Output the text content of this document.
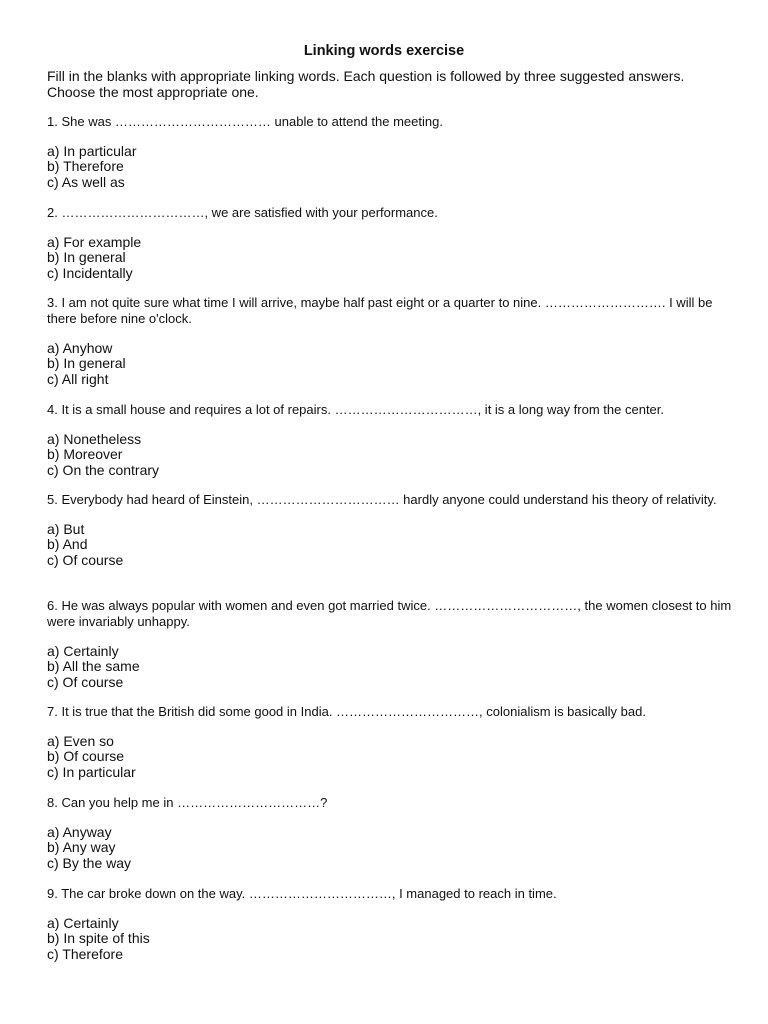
Linking words exercise
Fill in the blanks with appropriate linking words. Each question is followed by three suggested answers. Choose the most appropriate one.

1. She was ……………………………… unable to attend the meeting.

a) In particular
b) Therefore
c) As well as

2. ……………………………, we are satisfied with your performance.

a) For example
b) In general
c) Incidentally

3. I am not quite sure what time I will arrive, maybe half past eight or a quarter to nine. ………………………. I will be there before nine o'clock.

a) Anyhow
b) In general
c) All right

4. It is a small house and requires a lot of repairs. ……………………………, it is a long way from the center.

a) Nonetheless
b) Moreover
c) On the contrary

5. Everybody had heard of Einstein, …………………………… hardly anyone could understand his theory of relativity.

a) But
b) And
c) Of course

6. He was always popular with women and even got married twice. ……………………………, the women closest to him were invariably unhappy.

a) Certainly
b) All the same
c) Of course

7. It is true that the British did some good in India. ……………………………, colonialism is basically bad.

a) Even so
b) Of course
c) In particular

8. Can you help me in ……………………………?

a) Anyway
b) Any way
c) By the way

9. The car broke down on the way. ……………………………, I managed to reach in time.

a) Certainly
b) In spite of this
c) Therefore
